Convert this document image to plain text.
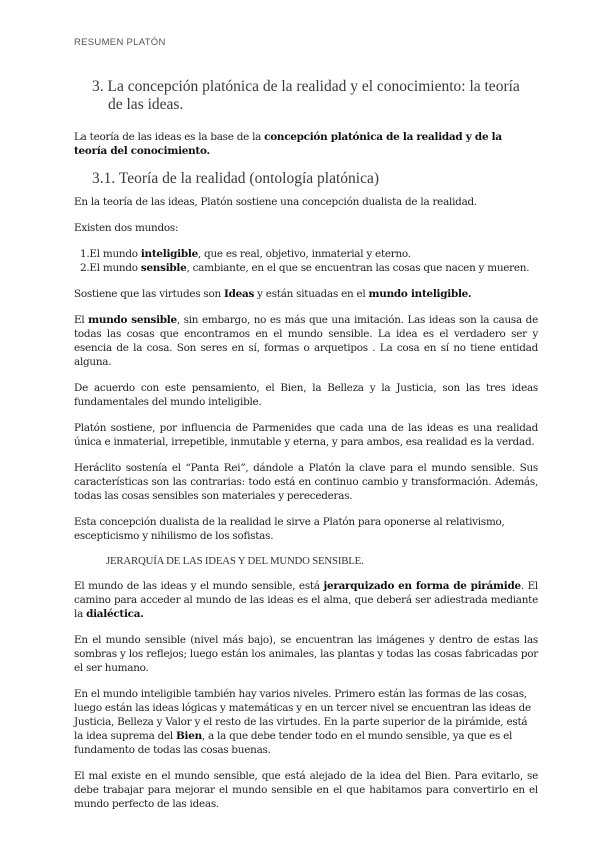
RESUMEN PLATÓN
3. La concepción platónica de la realidad y el conocimiento: la teoría de las ideas.

La teoría de las ideas es la base de la concepción platónica de la realidad y de la teoría del conocimiento.

3.1. Teoría de la realidad (ontología platónica)

En la teoría de las ideas, Platón sostiene una concepción dualista de la realidad.

Existen dos mundos:

1.El mundo inteligible, que es real, objetivo, inmaterial y eterno.
2.El mundo sensible, cambiante, en el que se encuentran las cosas que nacen y mueren.

Sostiene que las virtudes son Ideas y están situadas en el mundo inteligible.

El mundo sensible, sin embargo, no es más que una imitación. Las ideas son la causa de todas las cosas que encontramos en el mundo sensible. La idea es el verdadero ser y esencia de la cosa. Son seres en sí, formas o arquetipos . La cosa en sí no tiene entidad alguna.

De acuerdo con este pensamiento, el Bien, la Belleza y la Justicia, son las tres ideas fundamentales del mundo inteligible.

Platón sostiene, por influencia de Parmenides que cada una de las ideas es una realidad única e inmaterial, irrepetible, inmutable y eterna, y para ambos, esa realidad es la verdad.

Heráclito sostenía el “Panta Rei”, dándole a Platón la clave para el mundo sensible. Sus características son las contrarias: todo está en continuo cambio y transformación. Además, todas las cosas sensibles son materiales y perecederas.

Esta concepción dualista de la realidad le sirve a Platón para oponerse al relativismo, escepticismo y nihilismo de los sofistas.

JERARQUÍA DE LAS IDEAS Y DEL MUNDO SENSIBLE.

El mundo de las ideas y el mundo sensible, está jerarquizado en forma de pirámide. El camino para acceder al mundo de las ideas es el alma, que deberá ser adiestrada mediante la dialéctica.

En el mundo sensible (nivel más bajo), se encuentran las imágenes y dentro de estas las sombras y los reflejos; luego están los animales, las plantas y todas las cosas fabricadas por el ser humano.

En el mundo inteligible también hay varios niveles. Primero están las formas de las cosas, luego están las ideas lógicas y matemáticas y en un tercer nivel se encuentran las ideas de Justicia, Belleza y Valor y el resto de las virtudes. En la parte superior de la pirámide, está la idea suprema del Bien, a la que debe tender todo en el mundo sensible, ya que es el fundamento de todas las cosas buenas.

El mal existe en el mundo sensible, que está alejado de la idea del Bien. Para evitarlo, se debe trabajar para mejorar el mundo sensible en el que habitamos para convertirlo en el mundo perfecto de las ideas.
